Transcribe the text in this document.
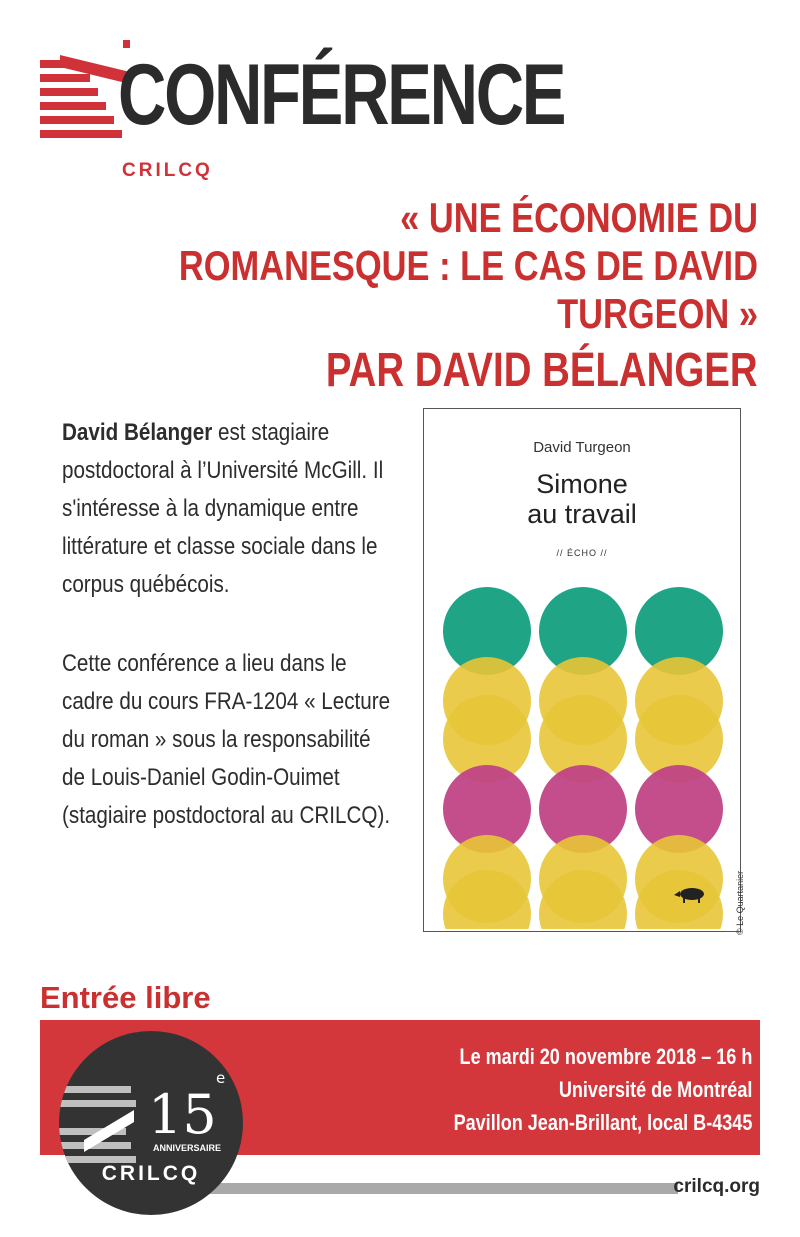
CONFÉRENCE
CRILCQ
« UNE ÉCONOMIE DU ROMANESQUE : LE CAS DE DAVID TURGEON »
PAR DAVID BÉLANGER
David Bélanger est stagiaire postdoctoral à l’Université McGill. Il s'intéresse à la dynamique entre littérature et classe sociale dans le corpus québécois.
Cette conférence a lieu dans le cadre du cours FRA-1204 « Lecture du roman » sous la responsabilité de Louis-Daniel Godin-Ouimet (stagiaire postdoctoral au CRILCQ).
David Turgeon
Simone
au travail
// ÉCHO //
© Le Quartanier
Entrée libre
Le mardi 20 novembre 2018 – 16 h
Université de Montréal
Pavillon Jean-Brillant, local B-4345
crilcq.org
15
e
ANNIVERSAIRE
CRILCQ
